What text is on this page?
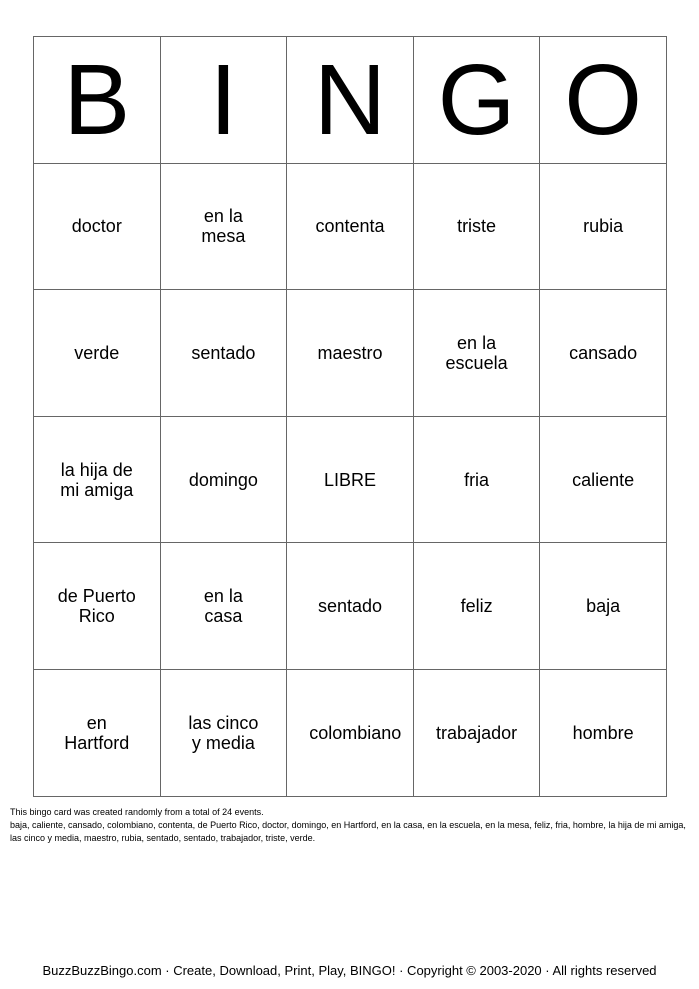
B	I	N	G	O
doctor	en la mesa	contenta	triste	rubia
verde	sentado	maestro	en la escuela	cansado
la hija de mi amiga	domingo	LIBRE	fria	caliente
de Puerto Rico	en la casa	sentado	feliz	baja
en Hartford	las cinco y media	colombiano	trabajador	hombre
This bingo card was created randomly from a total of 24 events.
baja, caliente, cansado, colombiano, contenta, de Puerto Rico, doctor, domingo, en Hartford, en la casa, en la escuela, en la mesa, feliz, fria, hombre, la hija de mi amiga, las cinco y media, maestro, rubia, sentado, sentado, trabajador, triste, verde.
BuzzBuzzBingo.com · Create, Download, Print, Play, BINGO! · Copyright © 2003-2020 · All rights reserved
